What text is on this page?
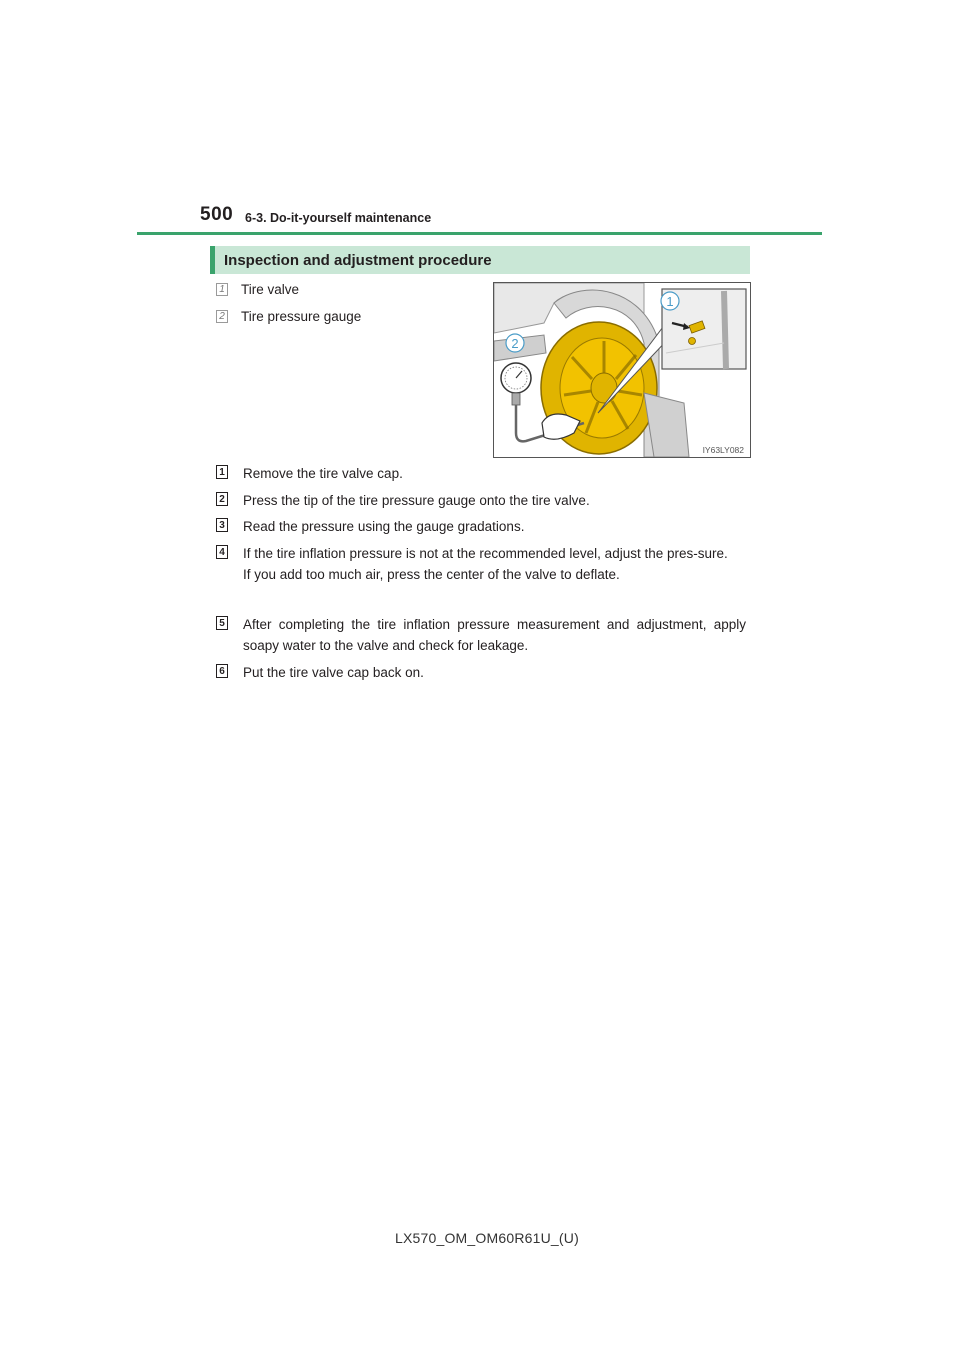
500 6-3. Do-it-yourself maintenance
Inspection and adjustment procedure
1 Tire valve
2 Tire pressure gauge
1
2
IY63LY082
1 Remove the tire valve cap.
2 Press the tip of the tire pressure gauge onto the tire valve.
3 Read the pressure using the gauge gradations.
4 If the tire inflation pressure is not at the recommended level, adjust the pres-sure.
If you add too much air, press the center of the valve to deflate.
5 After completing the tire inflation pressure measurement and adjustment, apply soapy water to the valve and check for leakage.
6 Put the tire valve cap back on.
LX570_OM_OM60R61U_(U)
